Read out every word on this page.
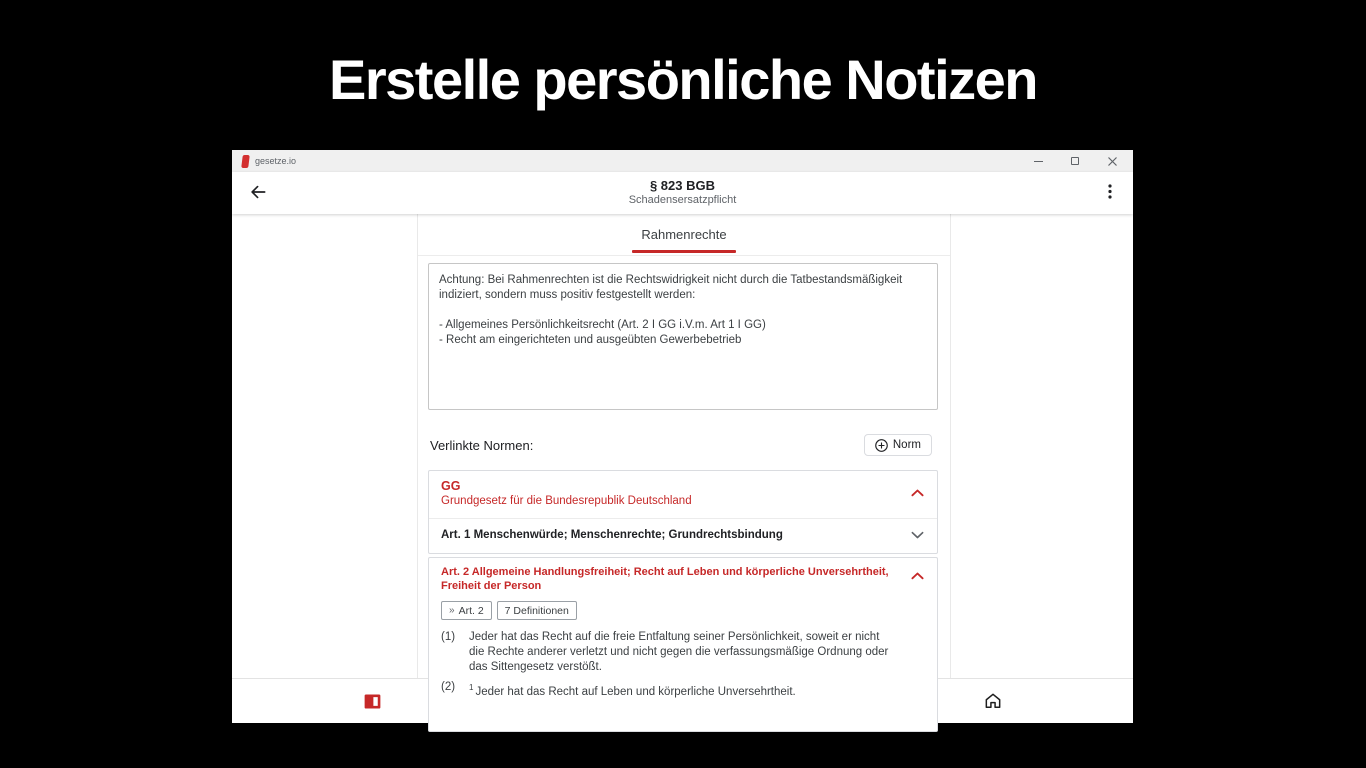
Erstelle persönliche Notizen
gesetze.io
§ 823 BGB
Schadensersatzpflicht
Rahmenrechte
Achtung: Bei Rahmenrechten ist die Rechtswidrigkeit nicht durch die Tatbestandsmäßigkeit indiziert, sondern muss positiv festgestellt werden:
- Allgemeines Persönlichkeitsrecht (Art. 2 I GG i.V.m. Art 1 I GG)
- Recht am eingerichteten und ausgeübten Gewerbebetrieb
Verlinkte Normen:	Norm
GG
Grundgesetz für die Bundesrepublik Deutschland
Art. 1 Menschenwürde; Menschenrechte; Grundrechtsbindung
Art. 2 Allgemeine Handlungsfreiheit; Recht auf Leben und körperliche Unversehrtheit, Freiheit der Person
» Art. 2 7 Definitionen
(1)	Jeder hat das Recht auf die freie Entfaltung seiner Persönlichkeit, soweit er nicht die Rechte anderer verletzt und nicht gegen die verfassungsmäßige Ordnung oder das Sittengesetz verstößt.
(2)	$^1$ Jeder hat das Recht auf Leben und körperliche Unversehrtheit.
